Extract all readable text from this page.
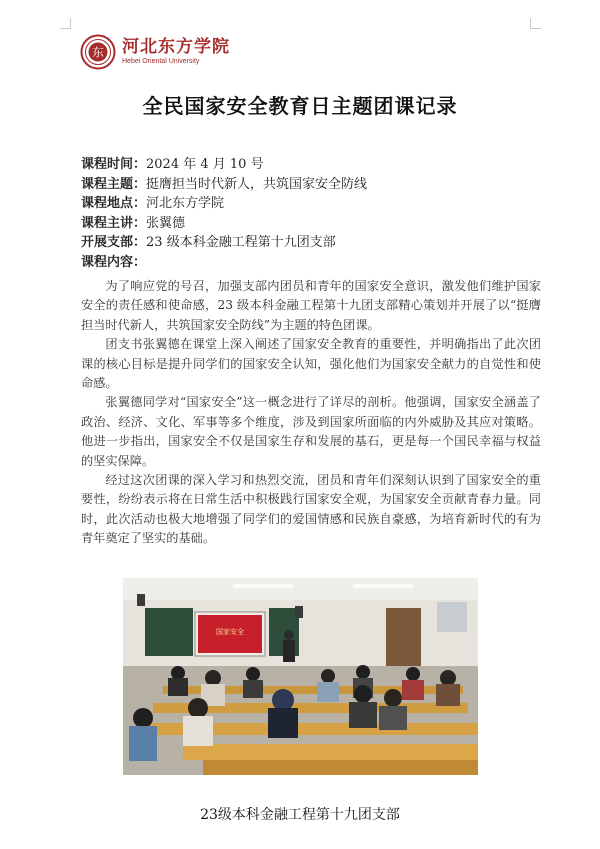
东 河北东方学院
Hebei Oriental University
全民国家安全教育日主题团课记录
课程时间：2024 年 4 月 10 号
课程主题：挺膺担当时代新人，共筑国家安全防线
课程地点：河北东方学院
课程主讲：张翼德
开展支部：23 级本科金融工程第十九团支部
课程内容：

为了响应党的号召，加强支部内团员和青年的国家安全意识，激发他们维护国家安全的责任感和使命感，23 级本科金融工程第十九团支部精心策划并开展了以“挺膺担当时代新人，共筑国家安全防线”为主题的特色团课。

团支书张翼德在课堂上深入阐述了国家安全教育的重要性，并明确指出了此次团课的核心目标是提升同学们的国家安全认知，强化他们为国家安全献力的自觉性和使命感。

张翼德同学对“国家安全”这一概念进行了详尽的剖析。他强调，国家安全涵盖了政治、经济、文化、军事等多个维度，涉及到国家所面临的内外威胁及其应对策略。他进一步指出，国家安全不仅是国家生存和发展的基石，更是每一个国民幸福与权益的坚实保障。

经过这次团课的深入学习和热烈交流，团员和青年们深刻认识到了国家安全的重要性，纷纷表示将在日常生活中积极践行国家安全观，为国家安全贡献青春力量。同时，此次活动也极大地增强了同学们的爱国情感和民族自豪感，为培育新时代的有为青年奠定了坚实的基础。

国家安全
23级本科金融工程第十九团支部
